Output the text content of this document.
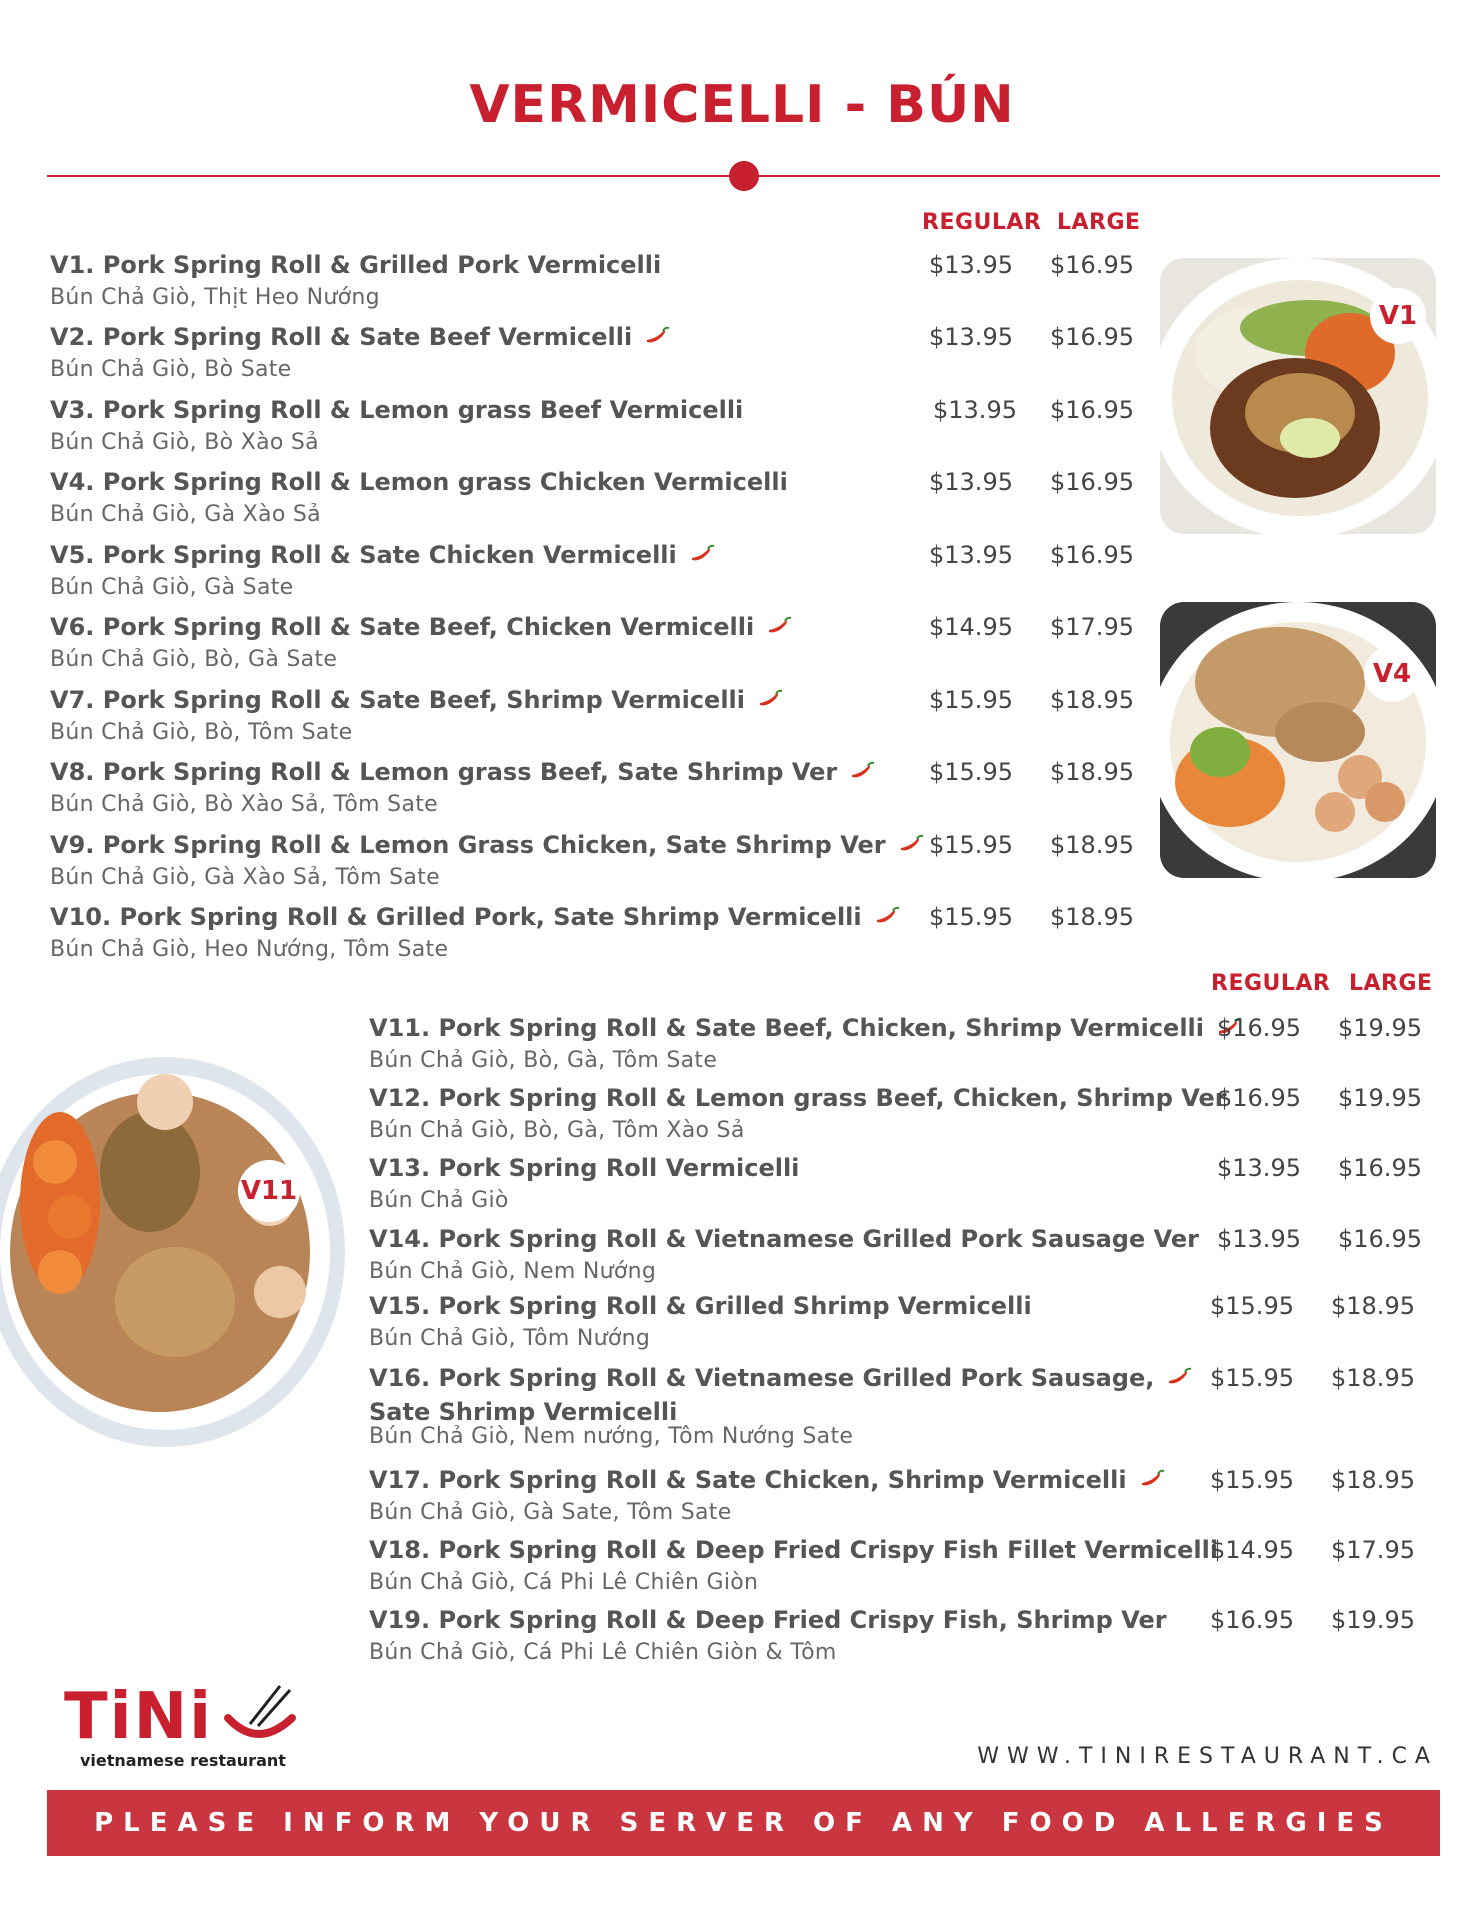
VERMICELLI - BÚN
REGULAR LARGE
V1. Pork Spring Roll & Grilled Pork Vermicelli
Bún Chả Giò, Thịt Heo Nướng
$13.95 $16.95
V2. Pork Spring Roll & Sate Beef Vermicelli
Bún Chả Giò, Bò Sate
$13.95 $16.95
V3. Pork Spring Roll & Lemon grass Beef Vermicelli
Bún Chả Giò, Bò Xào Sả
$13.95 $16.95
V4. Pork Spring Roll & Lemon grass Chicken Vermicelli
Bún Chả Giò, Gà Xào Sả
$13.95 $16.95
V5. Pork Spring Roll & Sate Chicken Vermicelli
Bún Chả Giò, Gà Sate
$13.95 $16.95
V6. Pork Spring Roll & Sate Beef, Chicken Vermicelli
Bún Chả Giò, Bò, Gà Sate
$14.95 $17.95
V7. Pork Spring Roll & Sate Beef, Shrimp Vermicelli
Bún Chả Giò, Bò, Tôm Sate
$15.95 $18.95
V8. Pork Spring Roll & Lemon grass Beef, Sate Shrimp Ver
Bún Chả Giò, Bò Xào Sả, Tôm Sate
$15.95 $18.95
V9. Pork Spring Roll & Lemon Grass Chicken, Sate Shrimp Ver
Bún Chả Giò, Gà Xào Sả, Tôm Sate
$15.95 $18.95
V10. Pork Spring Roll & Grilled Pork, Sate Shrimp Vermicelli
Bún Chả Giò, Heo Nướng, Tôm Sate
$15.95 $18.95
REGULAR LARGE
V11. Pork Spring Roll & Sate Beef, Chicken, Shrimp Vermicelli
Bún Chả Giò, Bò, Gà, Tôm Sate
$16.95 $19.95
V12. Pork Spring Roll & Lemon grass Beef, Chicken, Shrimp Ver
Bún Chả Giò, Bò, Gà, Tôm Xào Sả
$16.95 $19.95
V13. Pork Spring Roll Vermicelli
Bún Chả Giò
$13.95 $16.95
V14. Pork Spring Roll & Vietnamese Grilled Pork Sausage Ver
Bún Chả Giò, Nem Nướng
$13.95 $16.95
V15. Pork Spring Roll & Grilled Shrimp Vermicelli
Bún Chả Giò, Tôm Nướng
$15.95 $18.95
V16. Pork Spring Roll & Vietnamese Grilled Pork Sausage,
Sate Shrimp Vermicelli
Bún Chả Giò, Nem nướng, Tôm Nướng Sate
$15.95 $18.95
V17. Pork Spring Roll & Sate Chicken, Shrimp Vermicelli
Bún Chả Giò, Gà Sate, Tôm Sate
$15.95 $18.95
V18. Pork Spring Roll & Deep Fried Crispy Fish Fillet Vermicelli
Bún Chả Giò, Cá Phi Lê Chiên Giòn
$14.95 $17.95
V19. Pork Spring Roll & Deep Fried Crispy Fish, Shrimp Ver
Bún Chả Giò, Cá Phi Lê Chiên Giòn & Tôm
$16.95 $19.95
V1
V4
V11
TiNi
vietnamese restaurant	WWW.TINIRESTAURANT.CA
PLEASE INFORM YOUR SERVER OF ANY FOOD ALLERGIES
